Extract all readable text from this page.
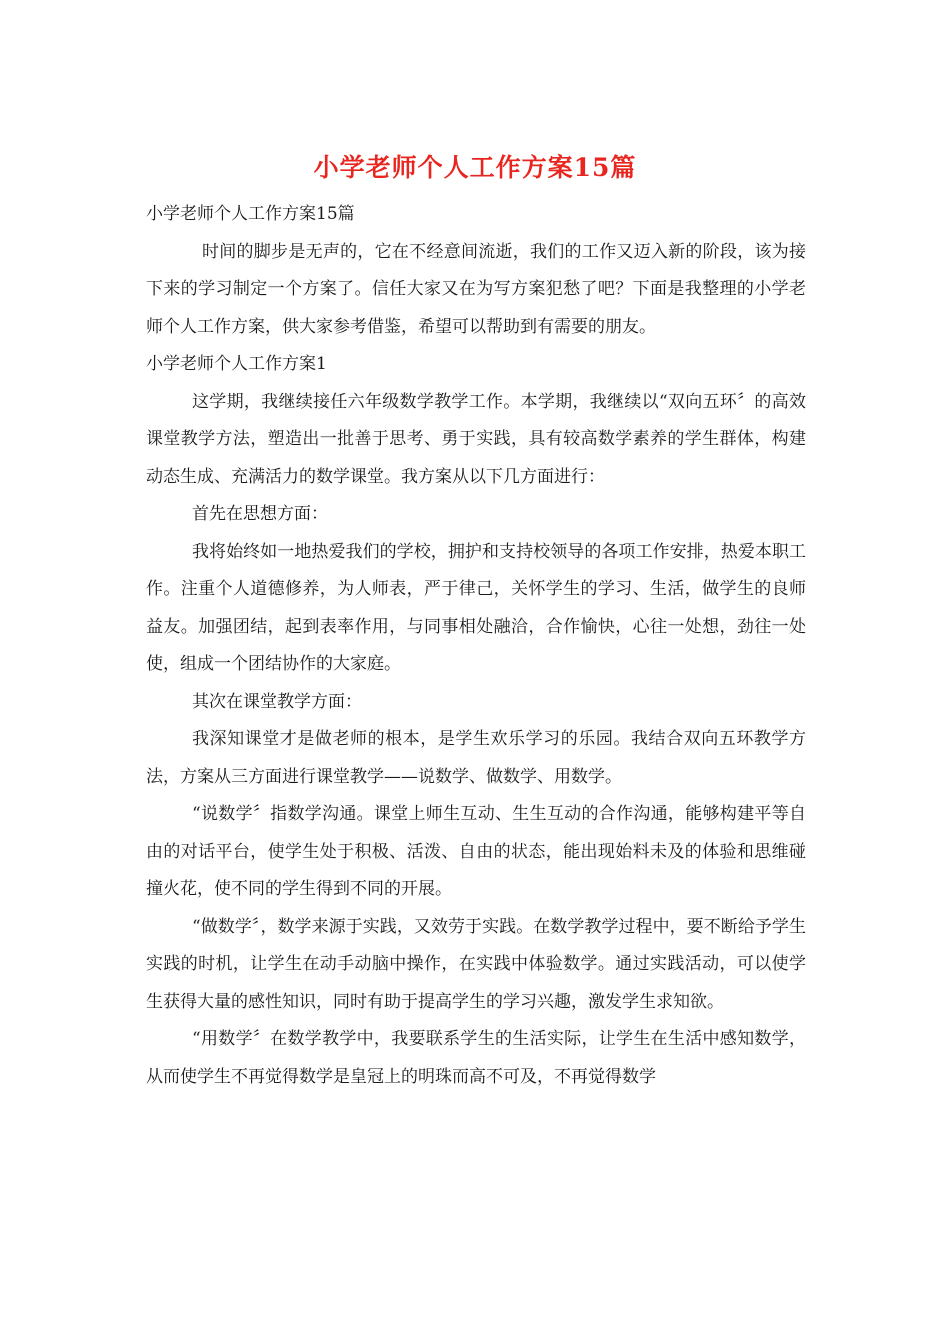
小学老师个人工作方案15篇

小学老师个人工作方案15篇

时间的脚步是无声的，它在不经意间流逝，我们的工作又迈入新的阶段，该为接下来的学习制定一个方案了。信任大家又在为写方案犯愁了吧？下面是我整理的小学老师个人工作方案，供大家参考借鉴，希望可以帮助到有需要的朋友。

小学老师个人工作方案1

这学期，我继续接任六年级数学教学工作。本学期，我继续以“双向五环〞的高效课堂教学方法，塑造出一批善于思考、勇于实践，具有较高数学素养的学生群体，构建动态生成、充满活力的数学课堂。我方案从以下几方面进行：

首先在思想方面：

我将始终如一地热爱我们的学校，拥护和支持校领导的各项工作安排，热爱本职工作。注重个人道德修养，为人师表，严于律己，关怀学生的学习、生活，做学生的良师益友。加强团结，起到表率作用，与同事相处融洽，合作愉快，心往一处想，劲往一处使，组成一个团结协作的大家庭。

其次在课堂教学方面：

我深知课堂才是做老师的根本，是学生欢乐学习的乐园。我结合双向五环教学方法，方案从三方面进行课堂教学——说数学、做数学、用数学。

“说数学〞指数学沟通。课堂上师生互动、生生互动的合作沟通，能够构建平等自由的对话平台，使学生处于积极、活泼、自由的状态，能出现始料未及的体验和思维碰撞火花，使不同的学生得到不同的开展。

“做数学〞，数学来源于实践，又效劳于实践。在数学教学过程中，要不断给予学生实践的时机，让学生在动手动脑中操作，在实践中体验数学。通过实践活动，可以使学生获得大量的感性知识，同时有助于提高学生的学习兴趣，激发学生求知欲。

“用数学〞在数学教学中，我要联系学生的生活实际，让学生在生活中感知数学，从而使学生不再觉得数学是皇冠上的明珠而高不可及，不再觉得数学
